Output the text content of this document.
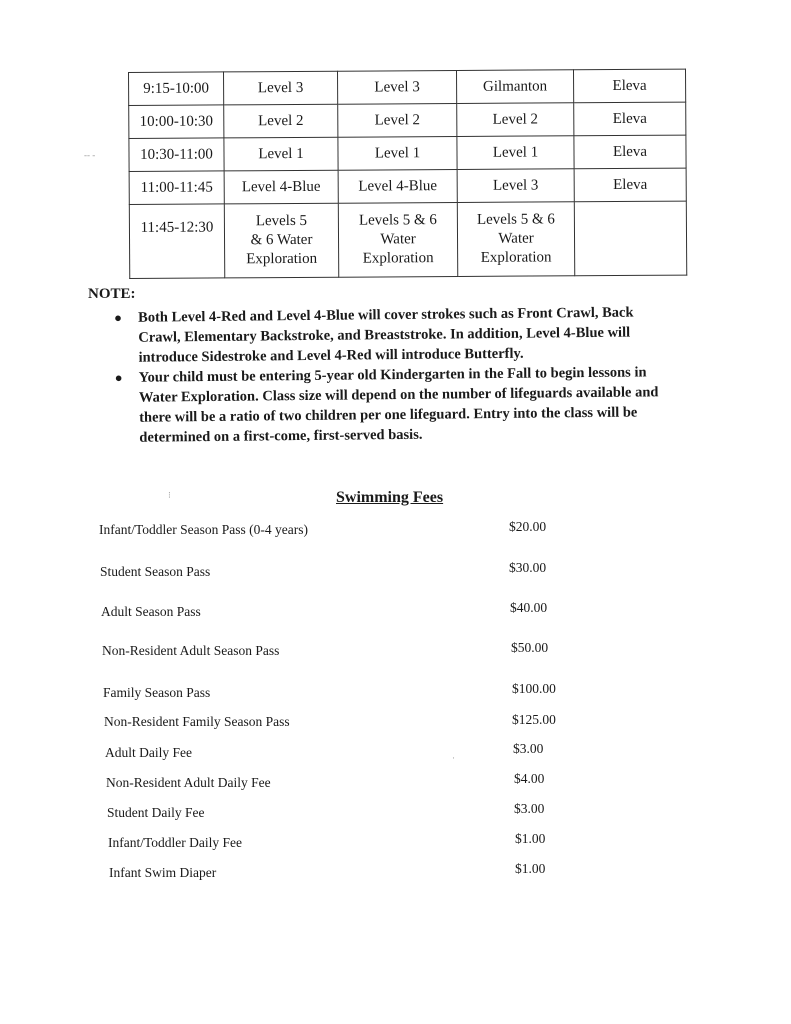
9:15-10:00	Level 3	Level 3	Gilmanton	Eleva
10:00-10:30	Level 2	Level 2	Level 2	Eleva
10:30-11:00	Level 1	Level 1	Level 1	Eleva
11:00-11:45	Level 4-Blue	Level 4-Blue	Level 3	Eleva
11:45-12:30	Levels 5
& 6 Water
Exploration	Levels 5 & 6
Water
Exploration	Levels 5 & 6
Water
Exploration	

NOTE:
● Both Level 4-Red and Level 4-Blue will cover strokes such as Front Crawl, Back Crawl, Elementary Backstroke, and Breaststroke. In addition, Level 4-Blue will introduce Sidestroke and Level 4-Red will introduce Butterfly.
● Your child must be entering 5-year old Kindergarten in the Fall to begin lessons in Water Exploration. Class size will depend on the number of lifeguards available and there will be a ratio of two children per one lifeguard. Entry into the class will be determined on a first-come, first-served basis.
Swimming Fees
Infant/Toddler Season Pass (0-4 years)	$20.00
Student Season Pass	$30.00
Adult Season Pass	$40.00
Non-Resident Adult Season Pass	$50.00
Family Season Pass	$100.00
Non-Resident Family Season Pass	$125.00
Adult Daily Fee	$3.00
Non-Resident Adult Daily Fee	$4.00
Student Daily Fee	$3.00
Infant/Toddler Daily Fee	$1.00
Infant Swim Diaper	$1.00
⁝
·
-- -
